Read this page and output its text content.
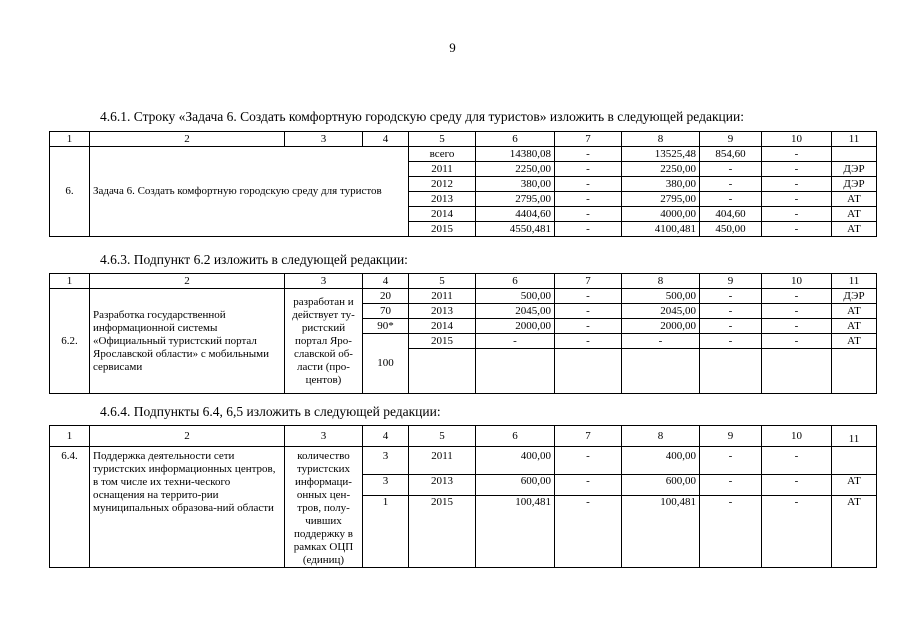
9
4.6.1. Строку «Задача 6. Создать комфортную городскую среду для туристов» изложить в следующей редакции:
1	2	3	4	5	6	7	8	9	10	11
6.	Задача 6. Создать комфортную городскую среду для туристов			всего	14380,08	-	13525,48	854,60	-	
				2011	2250,00	-	2250,00	-	-	ДЭР
				2012	380,00	-	380,00	-	-	ДЭР
				2013	2795,00	-	2795,00	-	-	АТ
				2014	4404,60	-	4000,00	404,60	-	АТ
				2015	4550,481	-	4100,481	450,00	-	АТ
4.6.3. Подпункт 6.2 изложить в следующей редакции:
1	2	3	4	5	6	7	8	9	10	11
6.2.	Разработка государственной информационной системы «Официальный туристский портал Ярославской области» с мобильными сервисами	разработан и действует ту-ристский портал Яро-славской об-ласти (про-центов)	20	2011	500,00	-	500,00	-	-	ДЭР
			70	2013	2045,00	-	2045,00	-	-	АТ
			90*	2014	2000,00	-	2000,00	-	-	АТ
			100	2015	-	-	-	-	-	АТ

4.6.4. Подпункты 6.4, 6,5 изложить в следующей редакции:
1	2	3	4	5	6	7	8	9	10	11	
6.4.	Поддержка деятельности сети туристских информационных центров, в том числе их техни-ческого оснащения на террито-рии муниципальных образова-ний области	количество туристских информаци-онных цен-тров, полу-чивших поддержку в рамках ОЦП (единиц)	3	2011	400,00	-	400,00	-	-		
			3	2013	600,00	-	600,00	-	-	АТ	
			1	2015	100,481	-	100,481	-	-	АТ	
